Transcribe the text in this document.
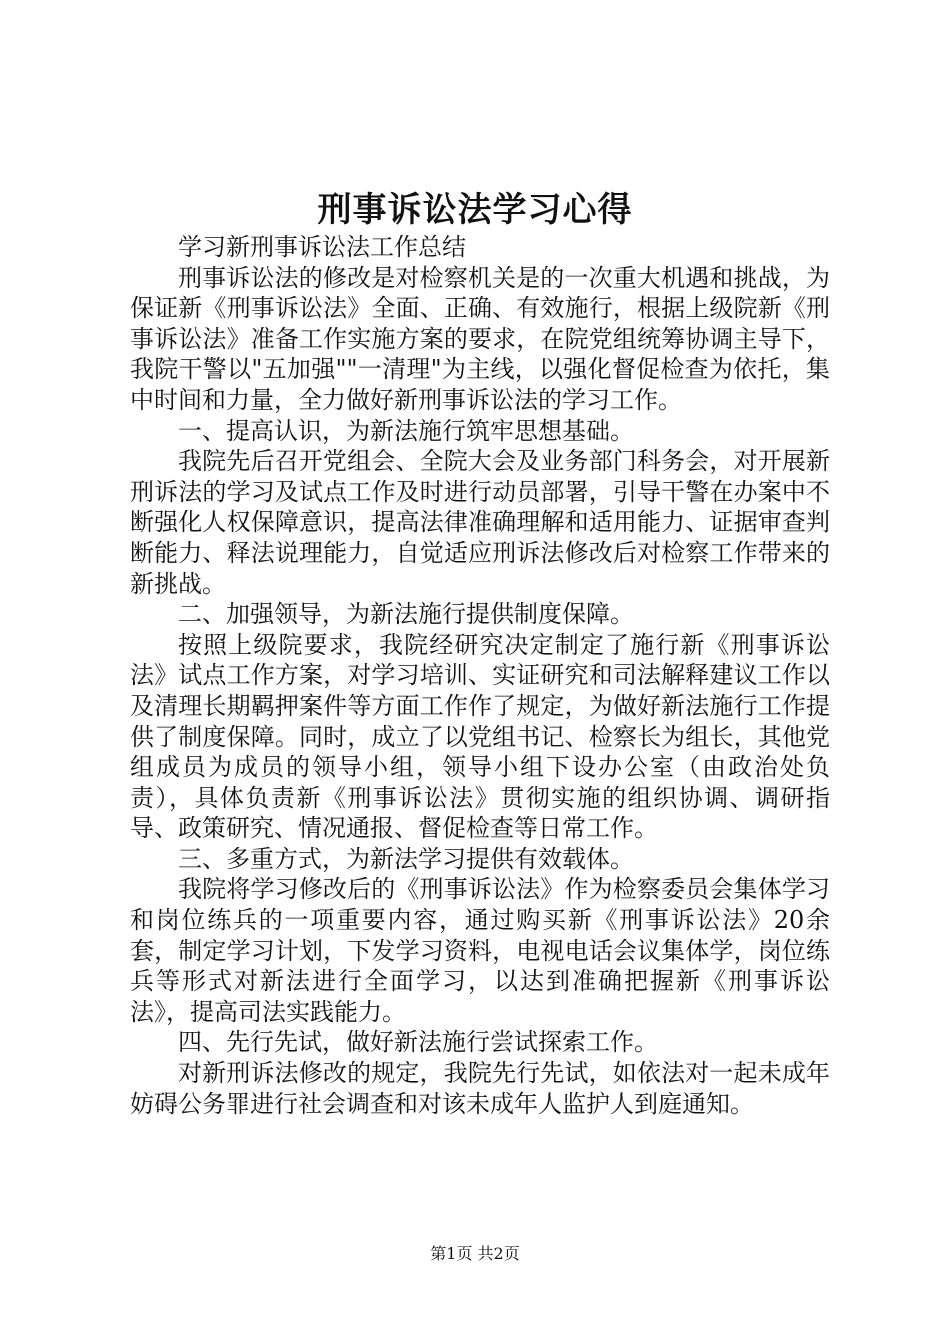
刑事诉讼法学习心得

学习新刑事诉讼法工作总结

刑事诉讼法的修改是对检察机关是的一次重大机遇和挑战，为保证新《刑事诉讼法》全面、正确、有效施行，根据上级院新《刑事诉讼法》准备工作实施方案的要求，在院党组统筹协调主导下，我院干警以"五加强""一清理"为主线，以强化督促检查为依托，集中时间和力量，全力做好新刑事诉讼法的学习工作。

一、提高认识，为新法施行筑牢思想基础。

我院先后召开党组会、全院大会及业务部门科务会，对开展新刑诉法的学习及试点工作及时进行动员部署，引导干警在办案中不断强化人权保障意识，提高法律准确理解和适用能力、证据审查判断能力、释法说理能力，自觉适应刑诉法修改后对检察工作带来的新挑战。

二、加强领导，为新法施行提供制度保障。

按照上级院要求，我院经研究决定制定了施行新《刑事诉讼法》试点工作方案，对学习培训、实证研究和司法解释建议工作以及清理长期羁押案件等方面工作作了规定，为做好新法施行工作提供了制度保障。同时，成立了以党组书记、检察长为组长，其他党组成员为成员的领导小组，领导小组下设办公室（由政治处负责），具体负责新《刑事诉讼法》贯彻实施的组织协调、调研指导、政策研究、情况通报、督促检查等日常工作。

三、多重方式，为新法学习提供有效载体。

我院将学习修改后的《刑事诉讼法》作为检察委员会集体学习和岗位练兵的一项重要内容，通过购买新《刑事诉讼法》20余套，制定学习计划，下发学习资料，电视电话会议集体学，岗位练兵等形式对新法进行全面学习，以达到准确把握新《刑事诉讼法》，提高司法实践能力。

四、先行先试，做好新法施行尝试探索工作。

对新刑诉法修改的规定，我院先行先试，如依法对一起未成年妨碍公务罪进行社会调查和对该未成年人监护人到庭通知。

第1页 共2页
